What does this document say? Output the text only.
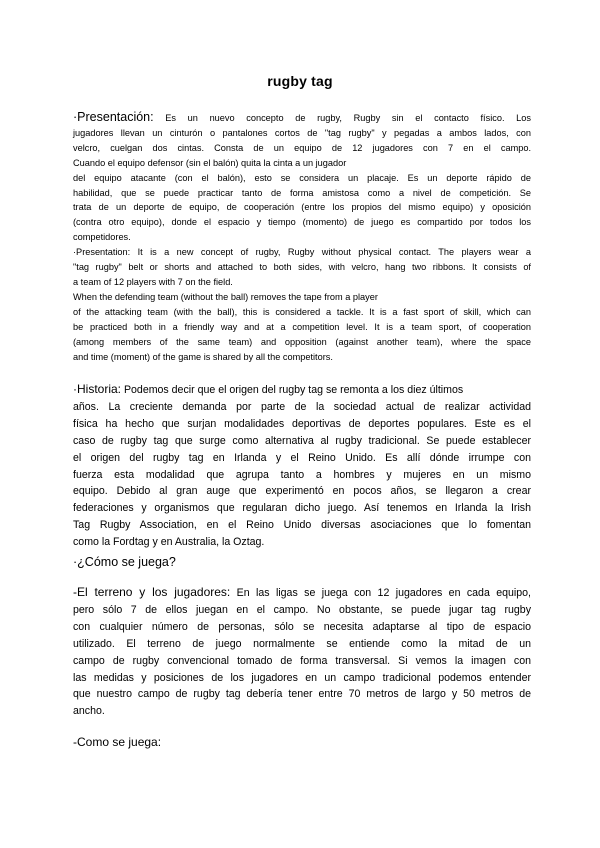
rugby tag
·Presentación: Es un nuevo concepto de rugby, Rugby sin el contacto físico. Los
jugadores llevan un cinturón o pantalones cortos de "tag rugby" y pegadas a ambos lados, con
velcro, cuelgan dos cintas. Consta de un equipo de 12 jugadores con 7 en el campo.
Cuando el equipo defensor (sin el balón) quita la cinta a un jugador
del equipo atacante (con el balón), esto se considera un placaje. Es un deporte rápido de
habilidad, que se puede practicar tanto de forma amistosa como a nivel de competición. Se
trata de un deporte de equipo, de cooperación (entre los propios del mismo equipo) y oposición
(contra otro equipo), donde el espacio y tiempo (momento) de juego es compartido por todos los
competidores.
·Presentation: It is a new concept of rugby, Rugby without physical contact. The players wear a
"tag rugby" belt or shorts and attached to both sides, with velcro, hang two ribbons. It consists of
a team of 12 players with 7 on the field.
When the defending team (without the ball) removes the tape from a player
of the attacking team (with the ball), this is considered a tackle. It is a fast sport of skill, which can
be practiced both in a friendly way and at a competition level. It is a team sport, of cooperation
(among members of the same team) and opposition (against another team), where the space
and time (moment) of the game is shared by all the competitors.
·Historia: Podemos decir que el origen del rugby tag se remonta a los diez últimos
años. La creciente demanda por parte de la sociedad actual de realizar actividad
física ha hecho que surjan modalidades deportivas de deportes populares. Este es el
caso de rugby tag que surge como alternativa al rugby tradicional. Se puede establecer
el origen del rugby tag en Irlanda y el Reino Unido. Es allí dónde irrumpe con
fuerza esta modalidad que agrupa tanto a hombres y mujeres en un mismo
equipo. Debido al gran auge que experimentó en pocos años, se llegaron a crear
federaciones y organismos que regularan dicho juego. Así tenemos en Irlanda la Irish
Tag Rugby Association, en el Reino Unido diversas asociaciones que lo fomentan
como la Fordtag y en Australia, la Oztag.
·¿Cómo se juega?
-El terreno y los jugadores: En las ligas se juega con 12 jugadores en cada equipo,
pero sólo 7 de ellos juegan en el campo. No obstante, se puede jugar tag rugby
con cualquier número de personas, sólo se necesita adaptarse al tipo de espacio
utilizado. El terreno de juego normalmente se entiende como la mitad de un
campo de rugby convencional tomado de forma transversal. Si vemos la imagen con
las medidas y posiciones de los jugadores en un campo tradicional podemos entender
que nuestro campo de rugby tag debería tener entre 70 metros de largo y 50 metros de
ancho.
-Como se juega:
